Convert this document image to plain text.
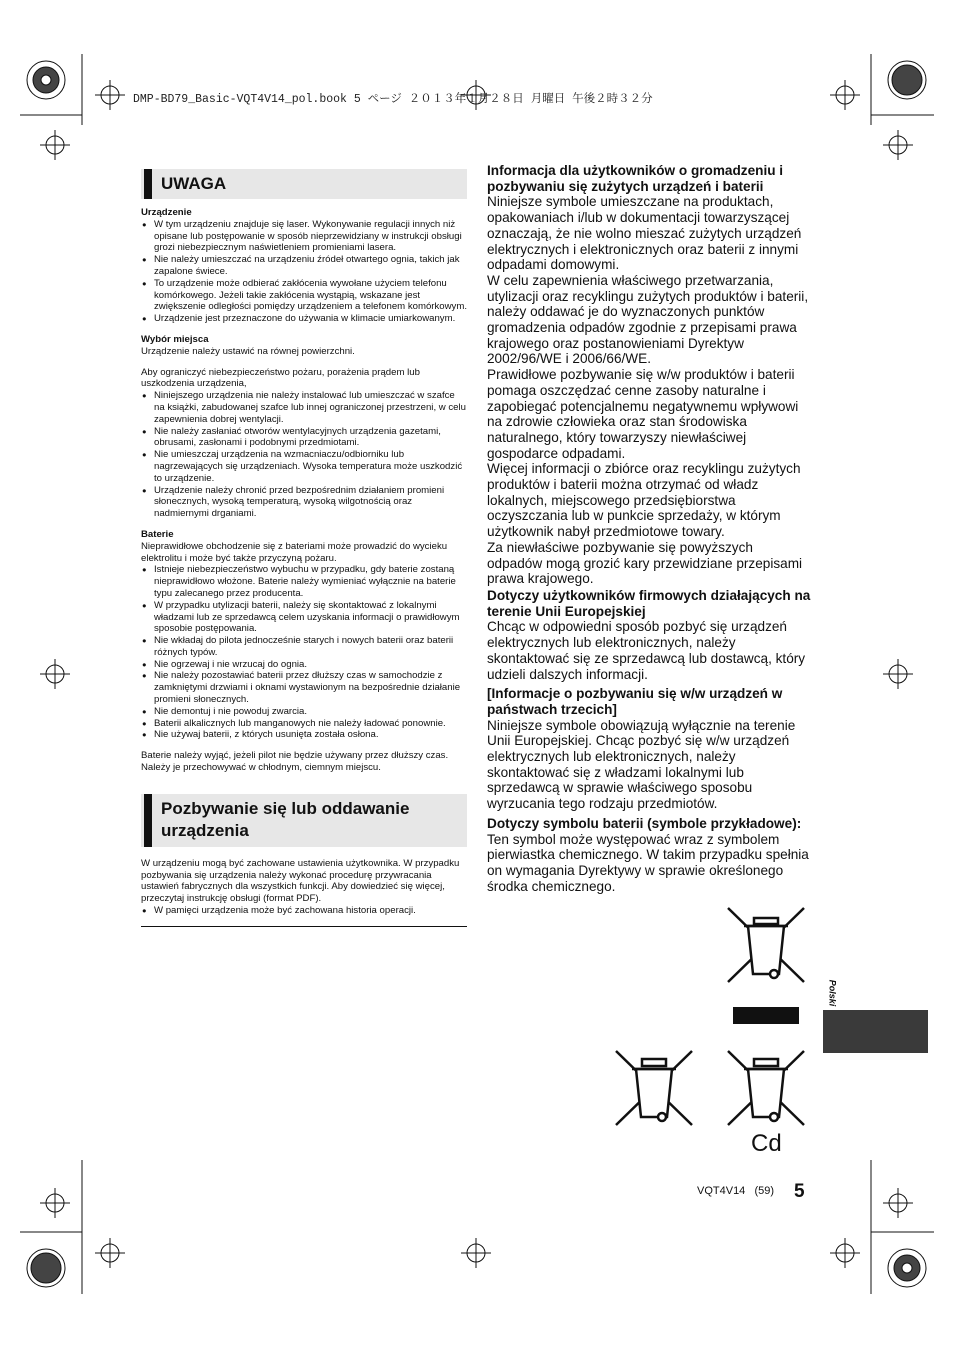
DMP-BD79_Basic-VQT4V14_pol.book 5 ページ ２０１３年１月２８日 月曜日 午後２時３２分
UWAGA
Urządzenie
● W tym urządzeniu znajduje się laser. Wykonywanie regulacji innych niż opisane lub postępowanie w sposób nieprzewidziany w instrukcji obsługi grozi niebezpiecznym naświetleniem promieniami lasera.
● Nie należy umieszczać na urządzeniu źródeł otwartego ognia, takich jak zapalone świece.
● To urządzenie może odbierać zakłócenia wywołane użyciem telefonu komórkowego. Jeżeli takie zakłócenia wystąpią, wskazane jest zwiększenie odległości pomiędzy urządzeniem a telefonem komórkowym.
● Urządzenie jest przeznaczone do używania w klimacie umiarkowanym.
Wybór miejsca

Urządzenie należy ustawić na równej powierzchni.

Aby ograniczyć niebezpieczeństwo pożaru, porażenia prądem lub uszkodzenia urządzenia,

● Niniejszego urządzenia nie należy instalować lub umieszczać w szafce na książki, zabudowanej szafce lub innej ograniczonej przestrzeni, w celu zapewnienia dobrej wentylacji.
● Nie należy zasłaniać otworów wentylacyjnych urządzenia gazetami, obrusami, zasłonami i podobnymi przedmiotami.
● Nie umieszczaj urządzenia na wzmacniaczu/odbiorniku lub nagrzewających się urządzeniach. Wysoka temperatura może uszkodzić to urządzenie.
● Urządzenie należy chronić przed bezpośrednim działaniem promieni słonecznych, wysoką temperaturą, wysoką wilgotnością oraz nadmiernymi drganiami.
Baterie

Nieprawidłowe obchodzenie się z bateriami może prowadzić do wycieku elektrolitu i może być także przyczyną pożaru.

● Istnieje niebezpieczeństwo wybuchu w przypadku, gdy baterie zostaną nieprawidłowo włożone. Baterie należy wymieniać wyłącznie na baterie typu zalecanego przez producenta.
● W przypadku utylizacji baterii, należy się skontaktować z lokalnymi władzami lub ze sprzedawcą celem uzyskania informacji o prawidłowym sposobie postępowania.
● Nie wkładaj do pilota jednocześnie starych i nowych baterii oraz baterii różnych typów.
● Nie ogrzewaj i nie wrzucaj do ognia.
● Nie należy pozostawiać baterii przez dłuższy czas w samochodzie z zamkniętymi drzwiami i oknami wystawionym na bezpośrednie działanie promieni słonecznych.
● Nie demontuj i nie powoduj zwarcia.
● Baterii alkalicznych lub manganowych nie należy ładować ponownie.
● Nie używaj baterii, z których usunięta została osłona.

Baterie należy wyjąć, jeżeli pilot nie będzie używany przez dłuższy czas. Należy je przechowywać w chłodnym, ciemnym miejscu.

Pozbywanie się lub oddawanie urządzenia

W urządzeniu mogą być zachowane ustawienia użytkownika. W przypadku pozbywania się urządzenia należy wykonać procedurę przywracania ustawień fabrycznych dla wszystkich funkcji. Aby dowiedzieć się więcej, przeczytaj instrukcję obsługi (format PDF).

● W pamięci urządzenia może być zachowana historia operacji.

Informacja dla użytkowników o gromadzeniu i pozbywaniu się zużytych urządzeń i baterii

Niniejsze symbole umieszczane na produktach, opakowaniach i/lub w dokumentacji towarzyszącej oznaczają, że nie wolno mieszać zużytych urządzeń elektrycznych i elektronicznych oraz baterii z innymi odpadami domowymi.

W celu zapewnienia właściwego przetwarzania, utylizacji oraz recyklingu zużytych produktów i baterii, należy oddawać je do wyznaczonych punktów gromadzenia odpadów zgodnie z przepisami prawa krajowego oraz postanowieniami Dyrektyw 2002/96/WE i 2006/66/WE.

Prawidłowe pozbywanie się w/w produktów i baterii pomaga oszczędzać cenne zasoby naturalne i zapobiegać potencjalnemu negatywnemu wpływowi na zdrowie człowieka oraz stan środowiska naturalnego, który towarzyszy niewłaściwej gospodarce odpadami.

Więcej informacji o zbiórce oraz recyklingu zużytych produktów i baterii można otrzymać od władz lokalnych, miejscowego przedsiębiorstwa oczyszczania lub w punkcie sprzedaży, w którym użytkownik nabył przedmiotowe towary.

Za niewłaściwe pozbywanie się powyższych odpadów mogą grozić kary przewidziane przepisami prawa krajowego.

Dotyczy użytkowników firmowych działających na terenie Unii Europejskiej

Chcąc w odpowiedni sposób pozbyć się urządzeń elektrycznych lub elektronicznych, należy skontaktować się ze sprzedawcą lub dostawcą, który udzieli dalszych informacji.

[Informacje o pozbywaniu się w/w urządzeń w państwach trzecich]

Niniejsze symbole obowiązują wyłącznie na terenie Unii Europejskiej. Chcąc pozbyć się w/w urządzeń elektrycznych lub elektronicznych, należy skontaktować się z władzami lokalnymi lub sprzedawcą w sprawie właściwego sposobu wyrzucania tego rodzaju przedmiotów.

Dotyczy symbolu baterii (symbole przykładowe):

Ten symbol może występować wraz z symbolem pierwiastka chemicznego. W takim przypadku spełnia on wymagania Dyrektywy w sprawie określonego środka chemicznego.

Cd
Polski
VQT4V14 (59) 5
